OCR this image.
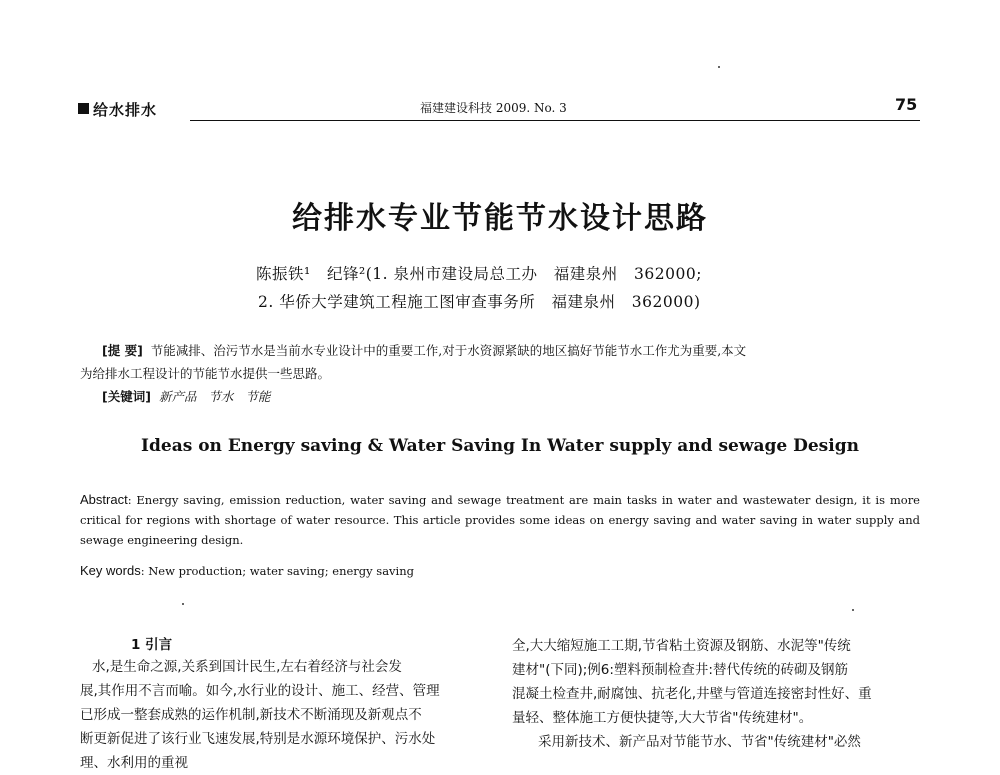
给水排水	福建建设科技 2009. No. 3	75
给排水专业节能节水设计思路
陈振铁¹   纪锋²(1. 泉州市建设局总工办   福建泉州   362000;
2. 华侨大学建筑工程施工图审查事务所   福建泉州   362000)
[提 要] 节能减排、治污节水是当前水专业设计中的重要工作,对于水资源紧缺的地区搞好节能节水工作尤为重要,本文
为给排水工程设计的节能节水提供一些思路。
[关键词] 新产品 节水 节能
Ideas on Energy saving & Water Saving In Water supply and sewage Design
Abstract: Energy saving, emission reduction, water saving and sewage treatment are main tasks in water and wastewater design, it is more critical for regions with shortage of water resource. This article provides some ideas on energy saving and water saving in water supply and sewage engineering design.
Key words: New production; water saving; energy saving
1 引言
水,是生命之源,关系到国计民生,左右着经济与社会发
展,其作用不言而喻。如今,水行业的设计、施工、经营、管理
已形成一整套成熟的运作机制,新技术不断涌现及新观点不
断更新促进了该行业飞速发展,特别是水源环境保护、污水处
理、水利用的重视
全,大大缩短施工工期,节省粘土资源及钢筋、水泥等"传统
建材"(下同);例6:塑料预制检查井:替代传统的砖砌及钢筋
混凝土检查井,耐腐蚀、抗老化,井壁与管道连接密封性好、重
量轻、整体施工方便快捷等,大大节省"传统建材"。
采用新技术、新产品对节能节水、节省"传统建材"必然
